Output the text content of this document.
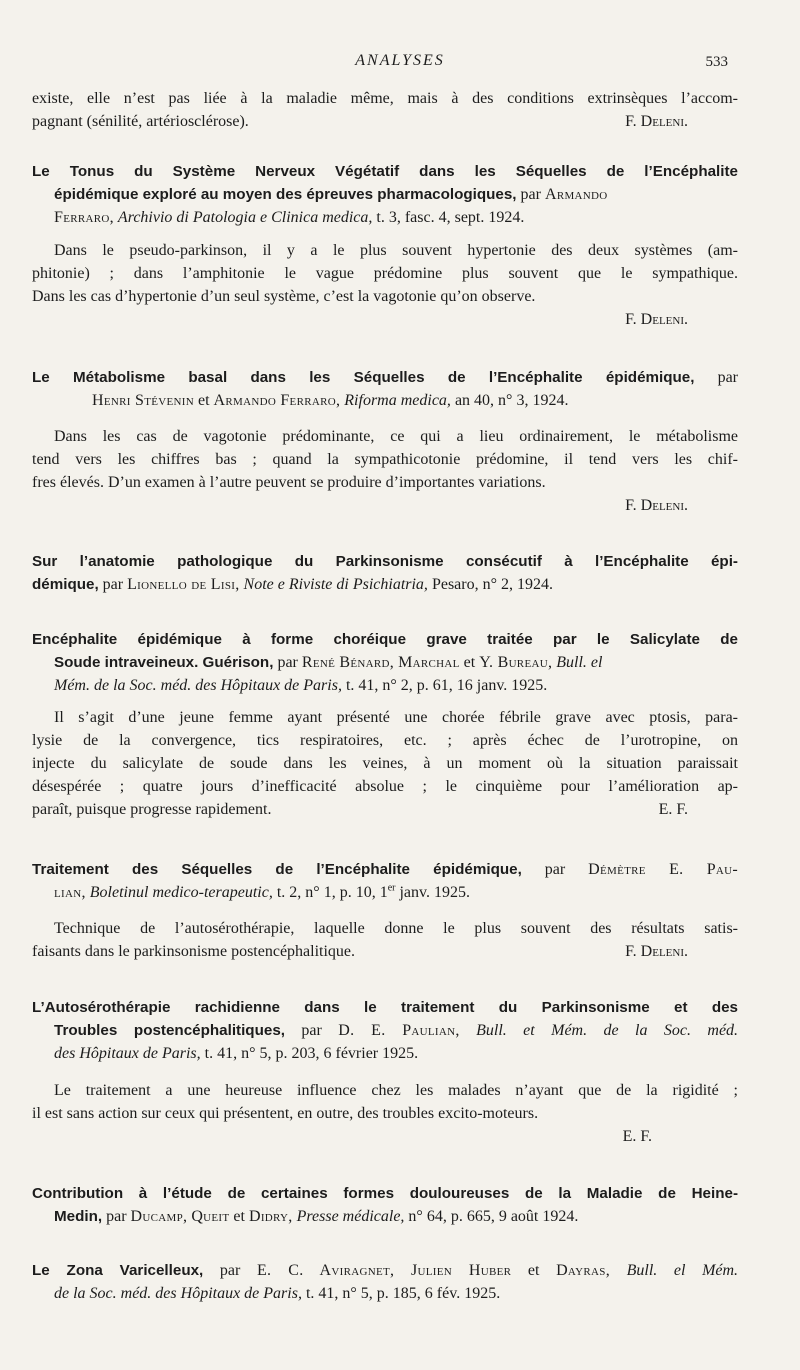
ANALYSES	533
existe, elle n’est pas liée à la maladie même, mais à des conditions extrinsèques l’accom-
pagnant (sénilité, artériosclérose).	F. Deleni.
Le Tonus du Système Nerveux Végétatif dans les Séquelles de l’Encéphalite
épidémique exploré au moyen des épreuves pharmacologiques, par Armando
Ferraro, Archivio di Patologia e Clinica medica, t. 3, fasc. 4, sept. 1924.
Dans le pseudo-parkinson, il y a le plus souvent hypertonie des deux systèmes (am-
phitonie) ; dans l’amphitonie le vague prédomine plus souvent que le sympathique.
Dans les cas d’hypertonie d’un seul système, c’est la vagotonie qu’on observe.
F. Deleni.
Le Métabolisme basal dans les Séquelles de l’Encéphalite épidémique, par
Henri Stévenin et Armando Ferraro, Riforma medica, an 40, n° 3, 1924.
Dans les cas de vagotonie prédominante, ce qui a lieu ordinairement, le métabolisme
tend vers les chiffres bas ; quand la sympathicotonie prédomine, il tend vers les chif-
fres élevés. D’un examen à l’autre peuvent se produire d’importantes variations.
F. Deleni.
Sur l’anatomie pathologique du Parkinsonisme consécutif à l’Encéphalite épi-
démique, par Lionello de Lisi, Note e Riviste di Psichiatria, Pesaro, n° 2, 1924.
Encéphalite épidémique à forme choréique grave traitée par le Salicylate de
Soude intraveineux. Guérison, par René Bénard, Marchal et Y. Bureau, Bull. el
Mém. de la Soc. méd. des Hôpitaux de Paris, t. 41, n° 2, p. 61, 16 janv. 1925.
Il s’agit d’une jeune femme ayant présenté une chorée fébrile grave avec ptosis, para-
lysie de la convergence, tics respiratoires, etc. ; après échec de l’urotropine, on
injecte du salicylate de soude dans les veines, à un moment où la situation paraissait
désespérée ; quatre jours d’inefficacité absolue ; le cinquième pour l’amélioration ap-
paraît, puisque progresse rapidement.	E. F.
Traitement des Séquelles de l’Encéphalite épidémique, par Démètre E. Pau-
lian, Boletinul medico-terapeutic, t. 2, n° 1, p. 10, 1er janv. 1925.
Technique de l’autosérothérapie, laquelle donne le plus souvent des résultats satis-
faisants dans le parkinsonisme postencéphalitique.	F. Deleni.
L’Autosérothérapie rachidienne dans le traitement du Parkinsonisme et des
Troubles postencéphalitiques, par D. E. Paulian, Bull. et Mém. de la Soc. méd.
des Hôpitaux de Paris, t. 41, n° 5, p. 203, 6 février 1925.
Le traitement a une heureuse influence chez les malades n’ayant que de la rigidité ;
il est sans action sur ceux qui présentent, en outre, des troubles excito-moteurs.
E. F.
Contribution à l’étude de certaines formes douloureuses de la Maladie de Heine-
Medin, par Ducamp, Queit et Didry, Presse médicale, n° 64, p. 665, 9 août 1924.
Le Zona Varicelleux, par E. C. Aviragnet, Julien Huber et Dayras, Bull. el Mém.
de la Soc. méd. des Hôpitaux de Paris, t. 41, n° 5, p. 185, 6 fév. 1925.
